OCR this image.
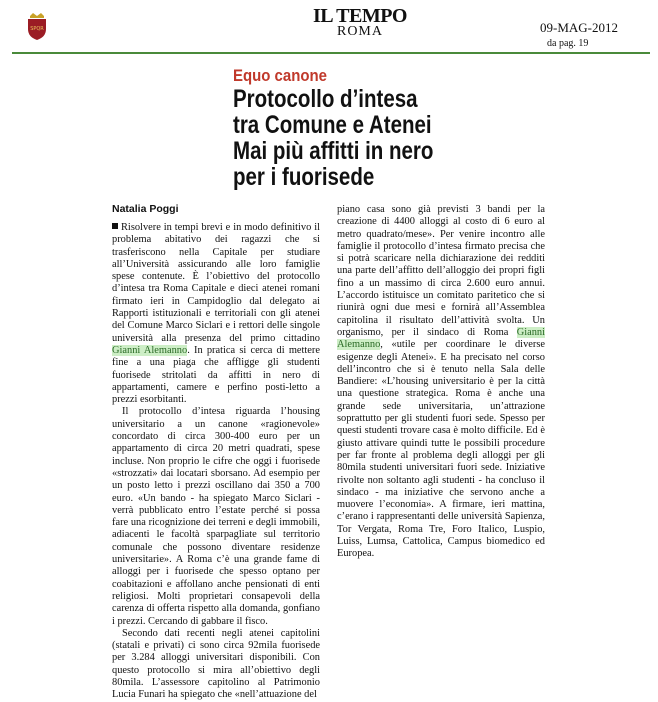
SPQR
IL TEMPO
ROMA	09-MAG-2012
da pag. 19
Equo canone
Protocollo d’intesa
tra Comune e Atenei
Mai più affitti in nero
per i fuorisede
Natalia Poggi

Risolvere in tempi brevi e in modo definitivo il problema abitativo dei ragazzi che si trasferiscono nella Capitale per studiare all’Università assicurando alle loro famiglie spese contenute. È l’obiettivo del protocollo d’intesa tra Roma Capitale e dieci atenei romani firmato ieri in Campidoglio dal delegato ai Rapporti istituzionali e territoriali con gli atenei del Comune Marco Siclari e i rettori delle singole università alla presenza del primo cittadino Gianni Alemanno. In pratica si cerca di mettere fine a una piaga che affligge gli studenti fuorisede stritolati da affitti in nero di appartamenti, camere e perfino posti-letto a prezzi esorbitanti.

Il protocollo d’intesa riguarda l’housing universitario a un canone «ragionevole» concordato di circa 300-400 euro per un appartamento di circa 20 metri quadrati, spese incluse. Non proprio le cifre che oggi i fuorisede «strozzati» dai locatari sborsano. Ad esempio per un posto letto i prezzi oscillano dai 350 a 700 euro. «Un bando - ha spiegato Marco Siclari - verrà pubblicato entro l’estate perché si possa fare una ricognizione dei terreni e degli immobili, adiacenti le facoltà sparpagliate sul territorio comunale che possono diventare residenze universitarie». A Roma c’è una grande fame di alloggi per i fuorisede che spesso optano per coabitazioni e affollano anche pensionati di enti religiosi. Molti proprietari consapevoli della carenza di offerta rispetto alla domanda, gonfiano i prezzi. Cercando di gabbare il fisco.

Secondo dati recenti negli atenei capitolini (statali e privati) ci sono circa 92mila fuorisede per 3.284 alloggi universitari disponibili. Con questo protocollo si mira all’obiettivo degli 80mila. L’assessore capitolino al Patrimonio Lucia Funari ha spiegato che «nell’attuazione del

piano casa sono già previsti 3 bandi per la creazione di 4400 alloggi al costo di 6 euro al metro quadrato/mese». Per venire incontro alle famiglie il protocollo d’intesa firmato precisa che si potrà scaricare nella dichiarazione dei redditi una parte dell’affitto dell’alloggio dei propri figli fino a un massimo di circa 2.600 euro annui. L’accordo istituisce un comitato paritetico che si riunirà ogni due mesi e fornirà all’Assemblea capitolina il risultato dell’attività svolta. Un organismo, per il sindaco di Roma Gianni Alemanno, «utile per coordinare le diverse esigenze degli Atenei». E ha precisato nel corso dell’incontro che si è tenuto nella Sala delle Bandiere: «L’housing universitario è per la città una questione strategica. Roma è anche una grande sede universitaria, un’attrazione soprattutto per gli studenti fuori sede. Spesso per questi studenti trovare casa è molto difficile. Ed è giusto attivare quindi tutte le possibili procedure per far fronte al problema degli alloggi per gli 80mila studenti universitari fuori sede. Iniziative rivolte non soltanto agli studenti - ha concluso il sindaco - ma iniziative che servono anche a muovere l’economia». A firmare, ieri mattina, c’erano i rappresentanti delle università Sapienza, Tor Vergata, Roma Tre, Foro Italico, Luspio, Luiss, Lumsa, Cattolica, Campus biomedico ed Europea.
